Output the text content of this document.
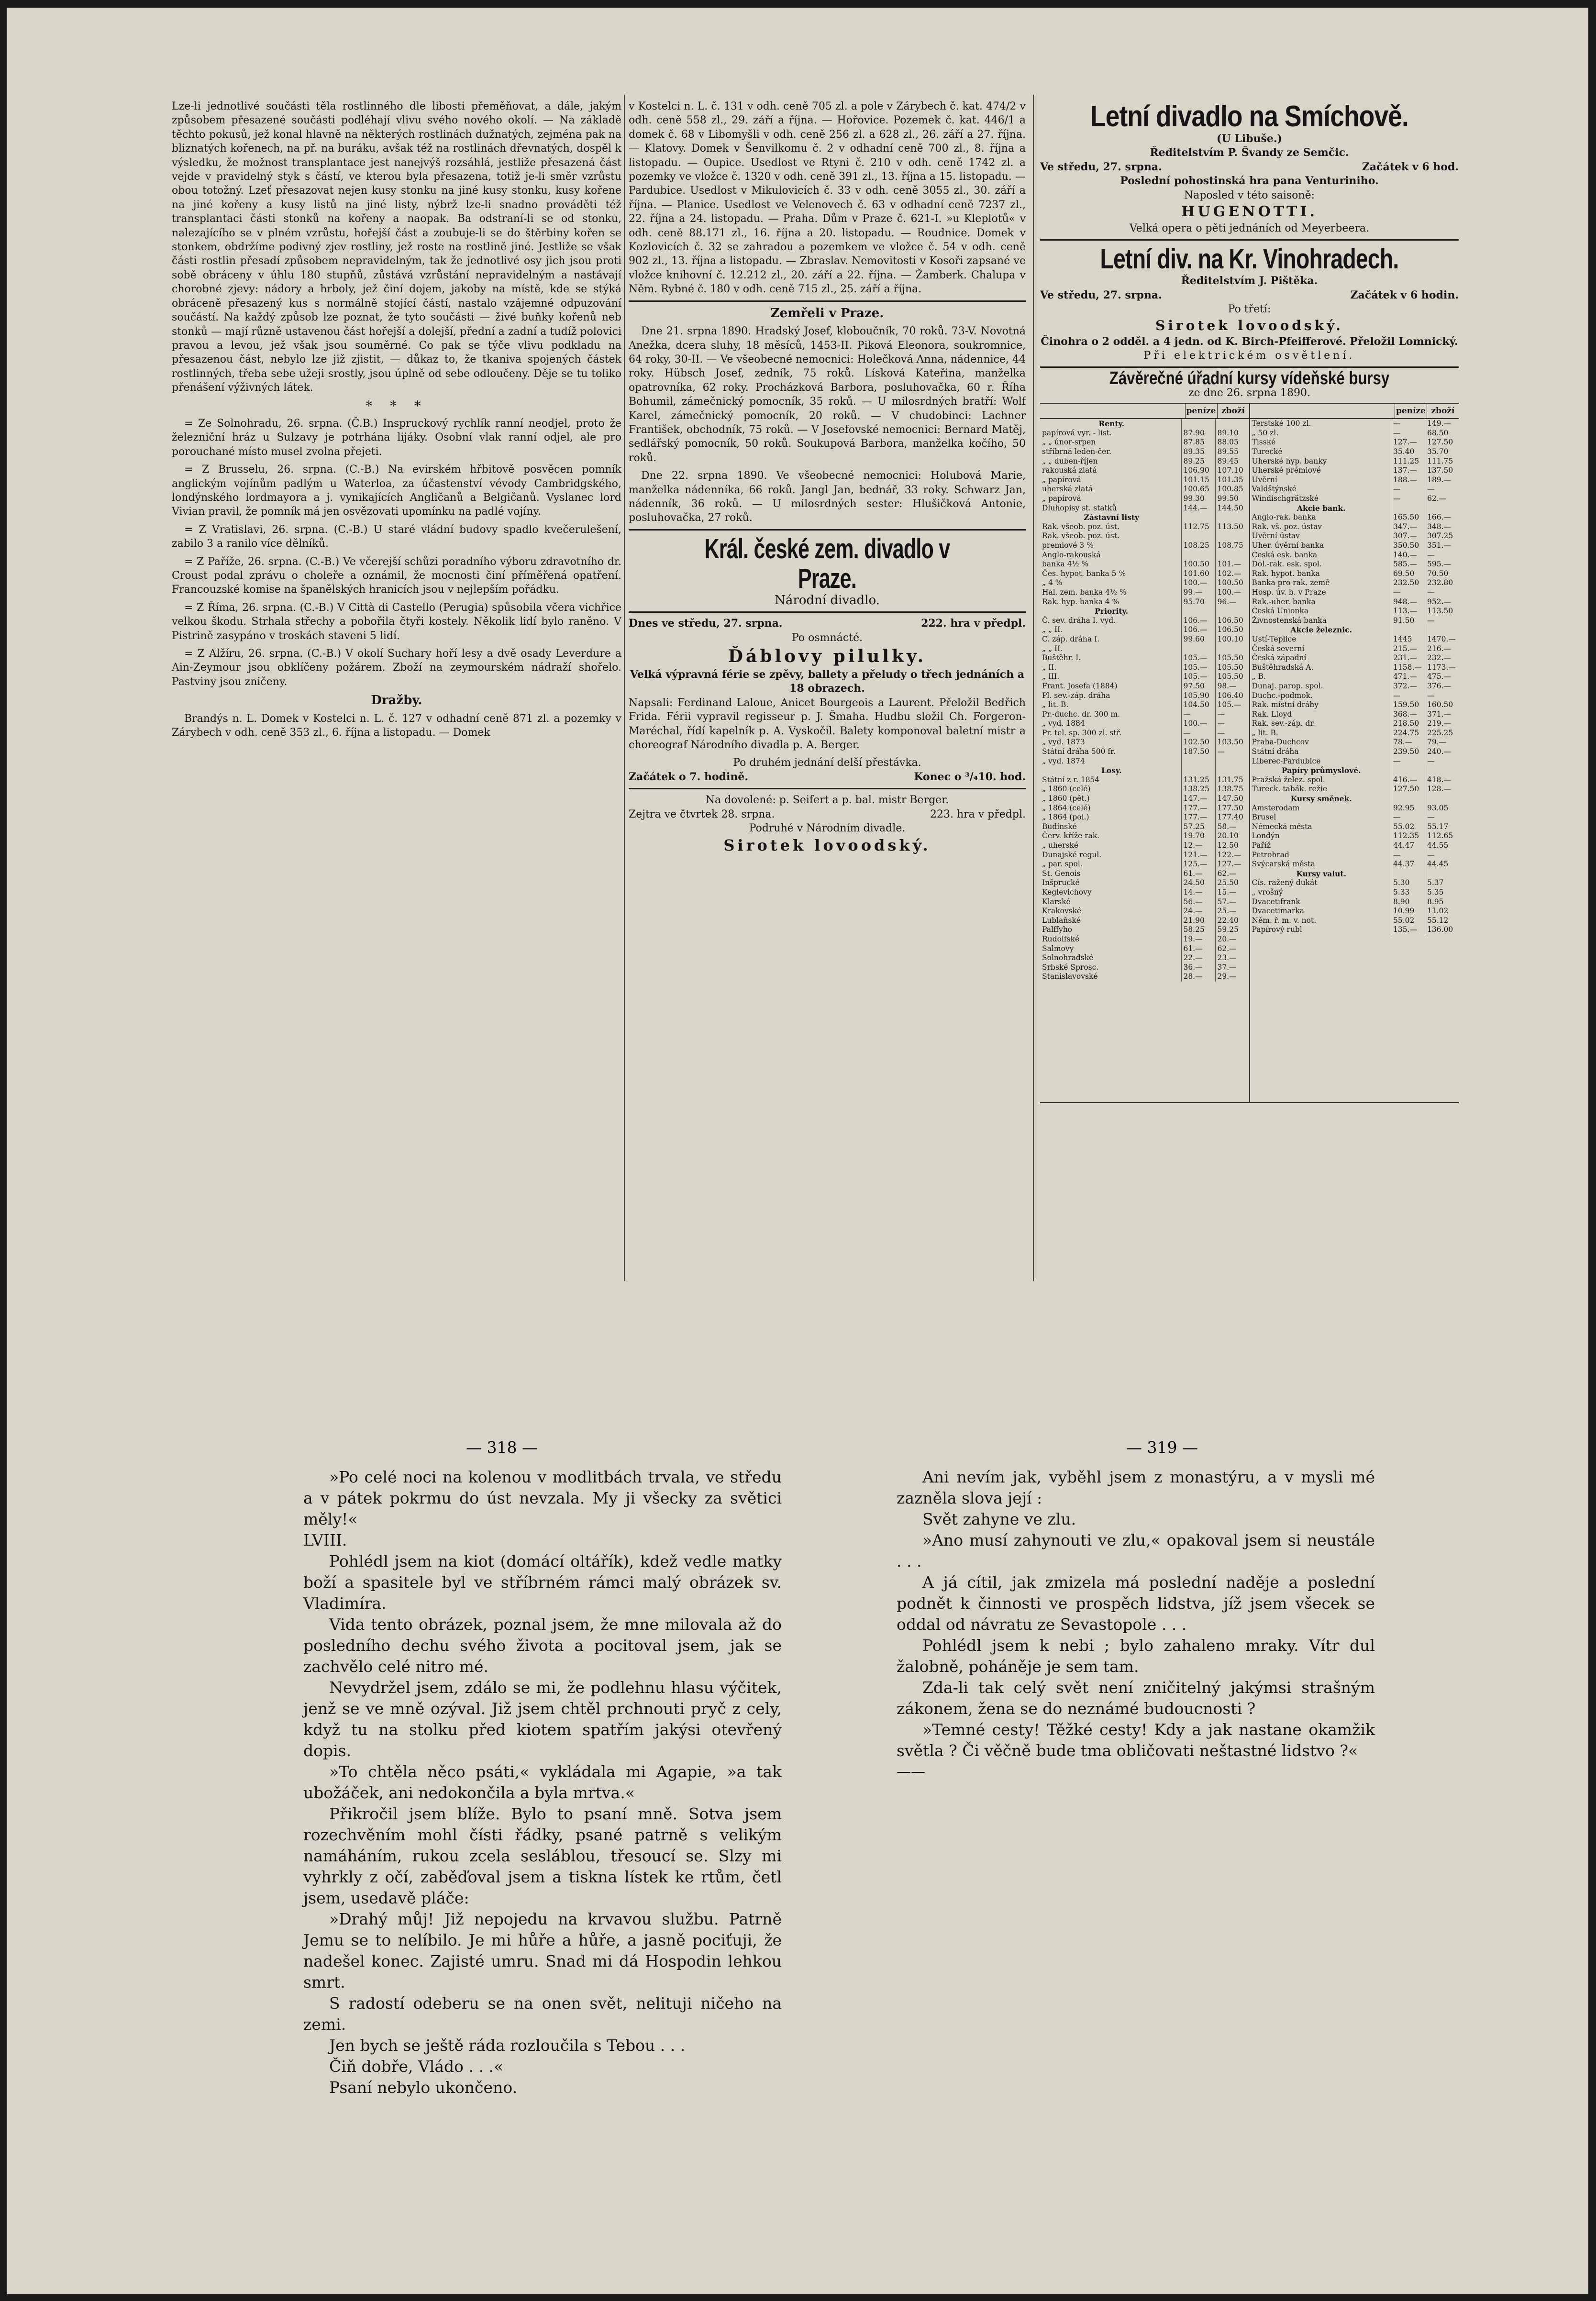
Lze-li jednotlivé součásti těla rostlinného dle libosti přeměňovat, a dále, jakým způsobem přesazené součásti podléhají vlivu svého nového okolí. — Na základě těchto pokusů, jež konal hlavně na některých rostlinách dužnatých, zejména pak na bliznatých kořenech, na př. na buráku, avšak též na rostlinách dřevnatých, dospěl k výsledku, že možnost transplantace jest nanejvýš rozsáhlá, jestliže přesazená část vejde v pravidelný styk s částí, ve kterou byla přesazena, totiž je-li směr vzrůstu obou totožný. Lzeť přesazovat nejen kusy stonku na jiné kusy stonku, kusy kořene na jiné kořeny a kusy listů na jiné listy, nýbrž lze-li snadno prováděti též transplantaci části stonků na kořeny a naopak. Ba odstraní-li se od stonku, nalezajícího se v plném vzrůstu, hořejší část a zoubuje-li se do štěrbiny kořen se stonkem, obdržíme podivný zjev rostliny, jež roste na rostlině jiné. Jestliže se však části rostlin přesadí způsobem nepravidelným, tak že jednotlivé osy jich jsou proti sobě obráceny v úhlu 180 stupňů, zůstává vzrůstání nepravidelným a nastávají chorobné zjevy: nádory a hrboly, jež činí dojem, jakoby na místě, kde se stýká obráceně přesazený kus s normálně stojící částí, nastalo vzájemné odpuzování součástí. Na každý způsob lze poznat, že tyto součásti — živé buňky kořenů neb stonků — mají různě ustavenou část hořejší a dolejší, přední a zadní a tudíž polovici pravou a levou, jež však jsou souměrné. Co pak se týče vlivu podkladu na přesazenou část, nebylo lze již zjistit, — důkaz to, že tkaniva spojených částek rostlinných, třeba sebe užeji srostly, jsou úplně od sebe odloučeny. Děje se tu toliko přenášení výživných látek.

* * *

= Ze Solnohradu, 26. srpna. (Č.B.) Inspruckový rychlík ranní neodjel, proto že železniční hráz u Sulzavy je potrhána lijáky. Osobní vlak ranní odjel, ale pro porouchané místo musel zvolna přejeti.

= Z Brusselu, 26. srpna. (C.-B.) Na evirském hřbitově posvěcen pomník anglickým vojínům padlým u Waterloa, za účastenství vévody Cambridgského, londýnského lordmayora a j. vynikajících Angličanů a Belgičanů. Vyslanec lord Vivian pravil, že pomník má jen osvězovati upomínku na padlé vojíny.

= Z Vratislavi, 26. srpna. (C.-B.) U staré vládní budovy spadlo kvečerulešení, zabilo 3 a ranilo více dělníků.

= Z Paříže, 26. srpna. (C.-B.) Ve včerejší schůzi poradního výboru zdravotního dr. Croust podal zprávu o choleře a oznámil, že mocnosti činí příměřená opatření. Francouzské komise na španělských hranicích jsou v nejlepším pořádku.

= Z Říma, 26. srpna. (C.-B.) V Città di Castello (Perugia) spůsobila včera vichřice velkou škodu. Strhala střechy a pobořila čtyři kostely. Několik lidí bylo raněno. V Pistrině zasypáno v troskách staveni 5 lidí.

= Z Alžíru, 26. srpna. (C.-B.) V okolí Suchary hoří lesy a dvě osady Leverdure a Ain-Zeymour jsou obklíčeny požárem. Zboží na zeymourském nádraží shořelo. Pastviny jsou zničeny.

Dražby.

Brandýs n. L. Domek v Kostelci n. L. č. 127 v odhadní ceně 871 zl. a pozemky v Zárybech v odh. ceně 353 zl., 6. října a listopadu. — Domek

v Kostelci n. L. č. 131 v odh. ceně 705 zl. a pole v Zárybech č. kat. 474/2 v odh. ceně 558 zl., 29. září a října. — Hořovice. Pozemek č. kat. 446/1 a domek č. 68 v Libomyšli v odh. ceně 256 zl. a 628 zl., 26. září a 27. října. — Klatovy. Domek v Šenvilkomu č. 2 v odhadní ceně 700 zl., 8. října a listopadu. — Oupice. Usedlost ve Rtyni č. 210 v odh. ceně 1742 zl. a pozemky ve vložce č. 1320 v odh. ceně 391 zl., 13. října a 15. listopadu. — Pardubice. Usedlost v Mikulovicích č. 33 v odh. ceně 3055 zl., 30. září a října. — Planice. Usedlost ve Velenovech č. 63 v odhadní ceně 7237 zl., 22. října a 24. listopadu. — Praha. Dům v Praze č. 621-I. »u Kleplotů« v odh. ceně 88.171 zl., 16. října a 20. listopadu. — Roudnice. Domek v Kozlovicích č. 32 se zahradou a pozemkem ve vložce č. 54 v odh. ceně 902 zl., 13. října a listopadu. — Zbraslav. Nemovitosti v Kosoři zapsané ve vložce knihovní č. 12.212 zl., 20. září a 22. října. — Žamberk. Chalupa v Něm. Rybné č. 180 v odh. ceně 715 zl., 25. září a října.

Zemřeli v Praze.

Dne 21. srpna 1890. Hradský Josef, kloboučník, 70 roků. 73-V. Novotná Anežka, dcera sluhy, 18 měsíců, 1453-II. Piková Eleonora, soukromnice, 64 roky, 30-II. — Ve všeobecné nemocnici: Holečková Anna, nádennice, 44 roky. Hübsch Josef, zedník, 75 roků. Lísková Kateřina, manželka opatrovníka, 62 roky. Procházková Barbora, posluhovačka, 60 r. Říha Bohumil, zámečnický pomocník, 35 roků. — U milosrdných bratří: Wolf Karel, zámečnický pomocník, 20 roků. — V chudobinci: Lachner František, obchodník, 75 roků. — V Josefovské nemocnici: Bernard Matěj, sedlářský pomocník, 50 roků. Soukupová Barbora, manželka kočího, 50 roků.

Dne 22. srpna 1890. Ve všeobecné nemocnici: Holubová Marie, manželka nádenníka, 66 roků. Jangl Jan, bednář, 33 roky. Schwarz Jan, nádenník, 36 roků. — U milosrdných sester: Hlušičková Antonie, posluhovačka, 27 roků.

Král. české zem. divadlo v Praze.

Národní divadlo.

Dnes ve středu, 27. srpna.	222. hra v předpl.

Po osmnácté.

Ďáblovy pilulky.

Velká výpravná férie se zpěvy, ballety a přeludy o třech jednáních a 18 obrazech.

Napsali: Ferdinand Laloue, Anicet Bourgeois a Laurent. Přeložil Bedřich Frida. Férii vypravil regisseur p. J. Šmaha. Hudbu složil Ch. Forgeron-Maréchal, řídí kapelník p. A. Vyskočil. Balety komponoval baletní mistr a choreograf Národního divadla p. A. Berger.

Po druhém jednání delší přestávka.

Začátek o 7. hodině.	Konec o ³/₄10. hod.

Na dovolené: p. Seifert a p. bal. mistr Berger.

Zejtra ve čtvrtek 28. srpna.	223. hra v předpl.

Podruhé v Národním divadle.

Sirotek lovoodský.

Letní divadlo na Smíchově.

(U Libuše.)

Ředitelstvím P. Švandy ze Semčic.

Ve středu, 27. srpna.	Začátek v 6 hod.

Poslední pohostinská hra pana Venturiniho.

Naposled v této saisoně:

HUGENOTTI.

Velká opera o pěti jednáních od Meyerbeera.

Letní div. na Kr. Vinohradech.

Ředitelstvím J. Pištěka.

Ve středu, 27. srpna.	Začátek v 6 hodin.

Po třetí:

Sirotek lovoodský.

Činohra o 2 odděl. a 4 jedn. od K. Birch-Pfeifferové. Přeložil Lomnický.

Při elektrickém osvětlení.

Závěrečné úřadní kursy vídeňské bursy

ze dne 26. srpna 1890.

peníze zboží
Renty.
papírová vyr. - list.	87.90	89.10
„ „ únor-srpen	87.85	88.05
stříbrná leden-čer.	89.35	89.55
„ „ duben-říjen	89.25	89.45
rakouská zlatá	106.90	107.10
„ papírová	101.15	101.35
uherská zlatá	100.65	100.85
„ papírová	99.30	99.50
Dluhopisy st. statků	144.—	144.50
Zástavní listy
Rak. všeob. poz. úst.	112.75	113.50
Rak. všeob. poz. úst.
premiové 3 %	108.25	108.75
Anglo-rakouská
banka 4½ %	100.50	101.—
Čes. hypot. banka 5 %	101.60	102.—
„ 4 %	100.—	100.50
Hal. zem. banka 4½ %	99.—	100.—
Rak. hyp. banka 4 %	95.70	96.—
Priority.
Č. sev. dráha I. vyd.	106.—	106.50
„ „ II.	106.—	106.50
Č. záp. dráha I.	99.60	100.10
„ „ II.
Buštěhr. I.	105.—	105.50
„ II.	105.—	105.50
„ III.	105.—	105.50
Frant. Josefa (1884)	97.50	98.—
Pl. sev.-záp. dráha	105.90	106.40
„ lit. B.	104.50	105.—
Pr.-duchc. dr. 300 m.	—	—
„ vyd. 1884	100.—	—
Pr. tel. sp. 300 zl. stř.	—	—
„ vyd. 1873	102.50	103.50
Státní dráha 500 fr.	187.50	—
„ vyd. 1874
Losy.
Státní z r. 1854	131.25	131.75
„ 1860 (celé)	138.25	138.75
„ 1860 (pět.)	147.—	147.50
„ 1864 (celé)	177.—	177.50
„ 1864 (pol.)	177.—	177.40
Budínské	57.25	58.—
Červ. kříže rak.	19.70	20.10
„ uherské	12.—	12.50
Dunajské regul.	121.—	122.—
„ par. spol.	125.—	127.—
St. Genois	61.—	62.—
Inšprucké	24.50	25.50
Keglevichovy	14.—	15.—
Klarské	56.—	57.—
Krakovské	24.—	25.—
Lublaňské	21.90	22.40
Palffyho	58.25	59.25
Rudolfské	19.—	20.—
Salmovy	61.—	62.—
Solnohradské	22.—	23.—
Srbské Sprosc.	36.—	37.—
Stanislavovské	28.—	29.—
peníze zboží
Terstské 100 zl.	—	149.—
„ 50 zl.	—	68.50
Tisské	127.—	127.50
Turecké	35.40	35.70
Uherské hyp. banky	111.25	111.75
Uherské prémiové	137.—	137.50
Úvěrní	188.—	189.—
Valdštýnské	—	—
Windischgrätzské	—	62.—
Akcie bank.
Anglo-rak. banka	165.50	166.—
Rak. vš. poz. ústav	347.—	348.—
Úvěrní ústav	307.—	307.25
Uher. úvěrní banka	350.50	351.—
Česká esk. banka	140.—	—
Dol.-rak. esk. spol.	585.—	595.—
Rak. hypot. banka	69.50	70.50
Banka pro rak. země	232.50	232.80
Hosp. úv. b. v Praze	—	—
Rak.-uher. banka	948.—	952.—
Česká Unionka	113.—	113.50
Živnostenská banka	91.50	—
Akcie železnic.
Ústí-Teplice	1445	1470.—
Česká severní	215.—	216.—
Česká západní	231.—	232.—
Buštěhradská A.	1158.— 1173.—
„ B.	471.—	475.—
Dunaj. parop. spol.	372.—	376.—
Duchc.-podmok.	—	—
Rak. místní dráhy	159.50	160.50
Rak. Lloyd	368.—	371.—
Rak. sev.-záp. dr.	218.50	219.—
„ lit. B.	224.75	225.25
Praha-Duchcov	78.—	79.—
Státní dráha	239.50	240.—
Liberec-Pardubice	—	—
Papíry průmyslové.
Pražská želez. spol.	416.—	418.—
Tureck. tabák. režie	127.50	128.—
Kursy směnek.
Amsterodam	92.95	93.05
Brusel	—	—
Německá města	55.02	55.17
Londýn	112.35	112.65
Paříž	44.47	44.55
Petrohrad	—	—
Švýcarská města	44.37	44.45
Kursy valut.
Cís. ražený dukát	5.30	5.37
„ vrošný	5.33	5.35
Dvacetifrank	8.90	8.95
Dvacetimarka	10.99	11.02
Něm. ř. m. v. not.	55.02	55.12
Papírový rubl	135.—	136.00
— 318 —	— 319 —

»Po celé noci na kolenou v modlitbách trvala, ve středu a v pátek pokrmu do úst nevzala. My ji všecky za světici měly!«

LVIII.

Pohlédl jsem na kiot (domácí oltářík), kdež vedle matky boží a spasitele byl ve stříbrném rámci malý obrázek sv. Vladimíra.

Vida tento obrázek, poznal jsem, že mne milovala až do posledního dechu svého života a pocitoval jsem, jak se zachvělo celé nitro mé.

Nevydržel jsem, zdálo se mi, že podlehnu hlasu výčitek, jenž se ve mně ozýval. Již jsem chtěl prchnouti pryč z cely, když tu na stolku před kiotem spatřím jakýsi otevřený dopis.

»To chtěla něco psáti,« vykládala mi Agapie, »a tak ubožáček, ani nedokončila a byla mrtva.«

Přikročil jsem blíže. Bylo to psaní mně. Sotva jsem rozechvěním mohl čísti řádky, psané patrně s velikým namáháním, rukou zcela sesláblou, třesoucí se. Slzy mi vyhrkly z očí, zaběďoval jsem a tiskna lístek ke rtům, četl jsem, usedavě pláče:

»Drahý můj! Již nepojedu na krvavou službu. Patrně Jemu se to nelíbilo. Je mi hůře a hůře, a jasně pociťuji, že nadešel konec. Zajisté umru. Snad mi dá Hospodin lehkou smrt.

S radostí odeberu se na onen svět, nelituji ničeho na zemi.

Jen bych se ještě ráda rozloučila s Tebou . . .

Čiň dobře, Vládo . . .«

Psaní nebylo ukončeno.

Ani nevím jak, vyběhl jsem z monastýru, a v mysli mé zazněla slova její :

Svět zahyne ve zlu.

»Ano musí zahynouti ve zlu,« opakoval jsem si neustále . . .

A já cítil, jak zmizela má poslední naděje a poslední podnět k činnosti ve prospěch lidstva, jíž jsem všecek se oddal od návratu ze Sevastopole . . .

Pohlédl jsem k nebi ; bylo zahaleno mraky. Vítr dul žalobně, poháněje je sem tam.

Zda-li tak celý svět není zničitelný jakýmsi strašným zákonem, žena se do neznámé budoucnosti ?

»Temné cesty! Těžké cesty! Kdy a jak nastane okamžik světla ? Či věčně bude tma obličovati neštastné lidstvo ?«

——
